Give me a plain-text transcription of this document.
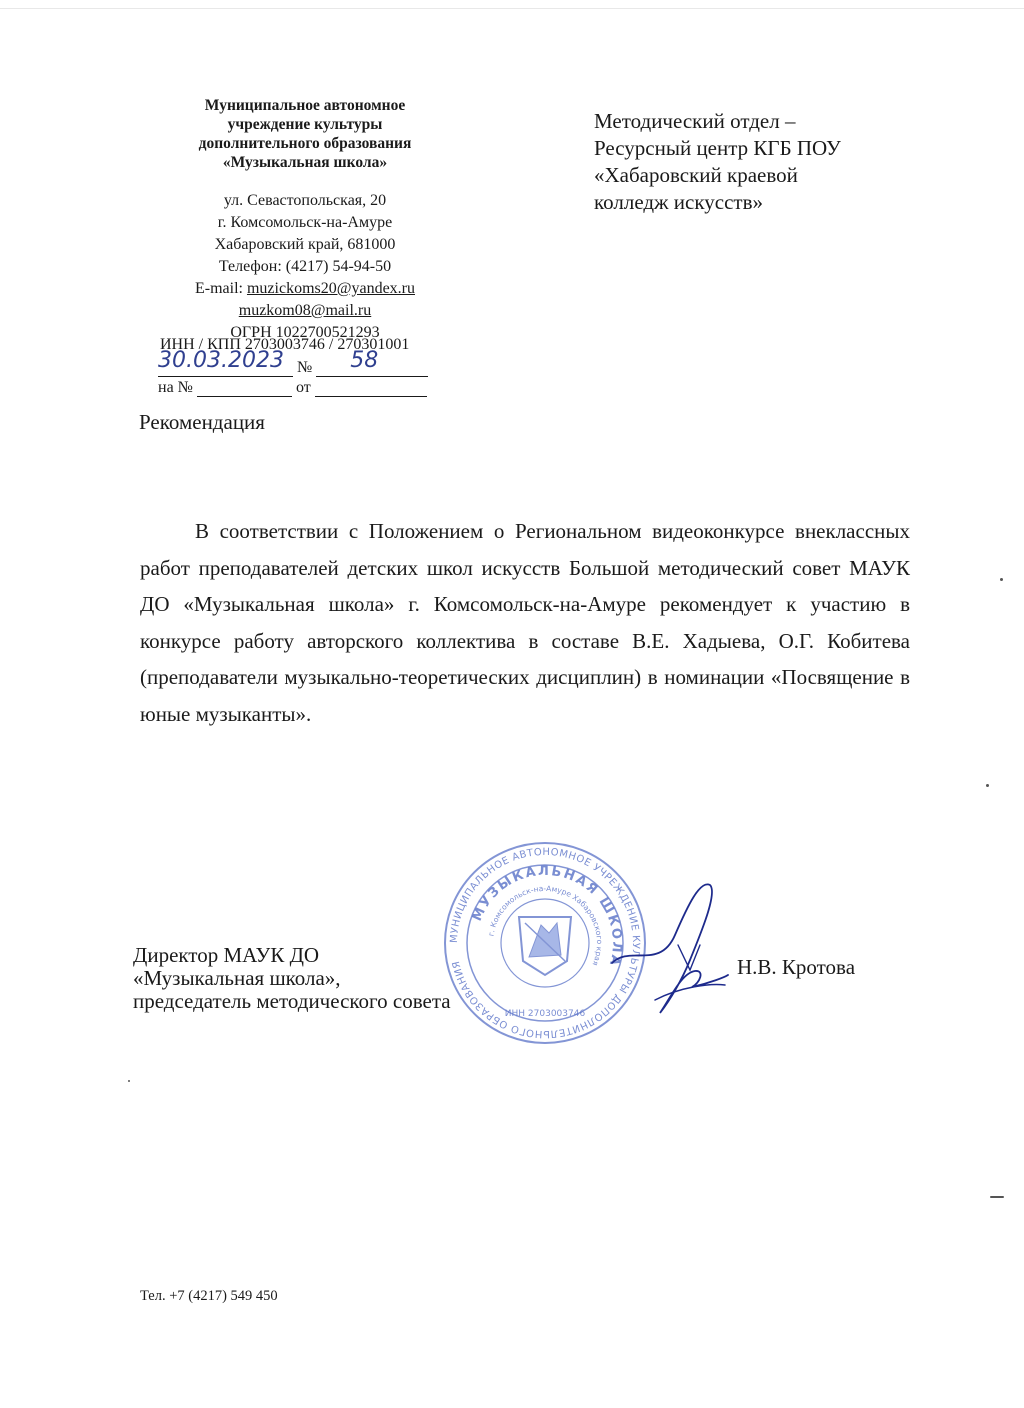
Муниципальное автономное
учреждение культуры
дополнительного образования
«Музыкальная школа»
ул. Севастопольская, 20
г. Комсомольск-на-Амуре
Хабаровский край, 681000
Телефон: (4217) 54-94-50
E-mail: muzickoms20@yandex.ru
muzkom08@mail.ru
ОГРН 1022700521293
ИНН / КПП 2703003746 / 270301001
30.03.2023 № 58
на №	от
Методический отдел –
Ресурсный центр КГБ ПОУ
«Хабаровский краевой
колледж искусств»
Рекомендация

В соответствии с Положением о Региональном видеоконкурсе внеклассных работ преподавателей детских школ искусств Большой методический совет МАУК ДО «Музыкальная школа» г. Комсомольск-на-Амуре рекомендует к участию в конкурсе работу авторского коллектива в составе В.Е. Хадыева, О.Г. Кобитева (преподаватели музыкально-теоретических дисциплин) в номинации «Посвящение в юные музыканты».

МУНИЦИПАЛЬНОЕ АВТОНОМНОЕ УЧРЕЖДЕНИЕ КУЛЬТУРЫ ДОПОЛНИТЕЛЬНОГО ОБРАЗОВАНИЯ
МУЗЫКАЛЬНАЯ ШКОЛА
г. Комсомольск-на-Амуре Хабаровского края
ИНН 2703003746
Директор МАУК ДО
«Музыкальная школа»,
председатель методического совета
Н.В. Кротова
Тел. +7 (4217) 549 450
